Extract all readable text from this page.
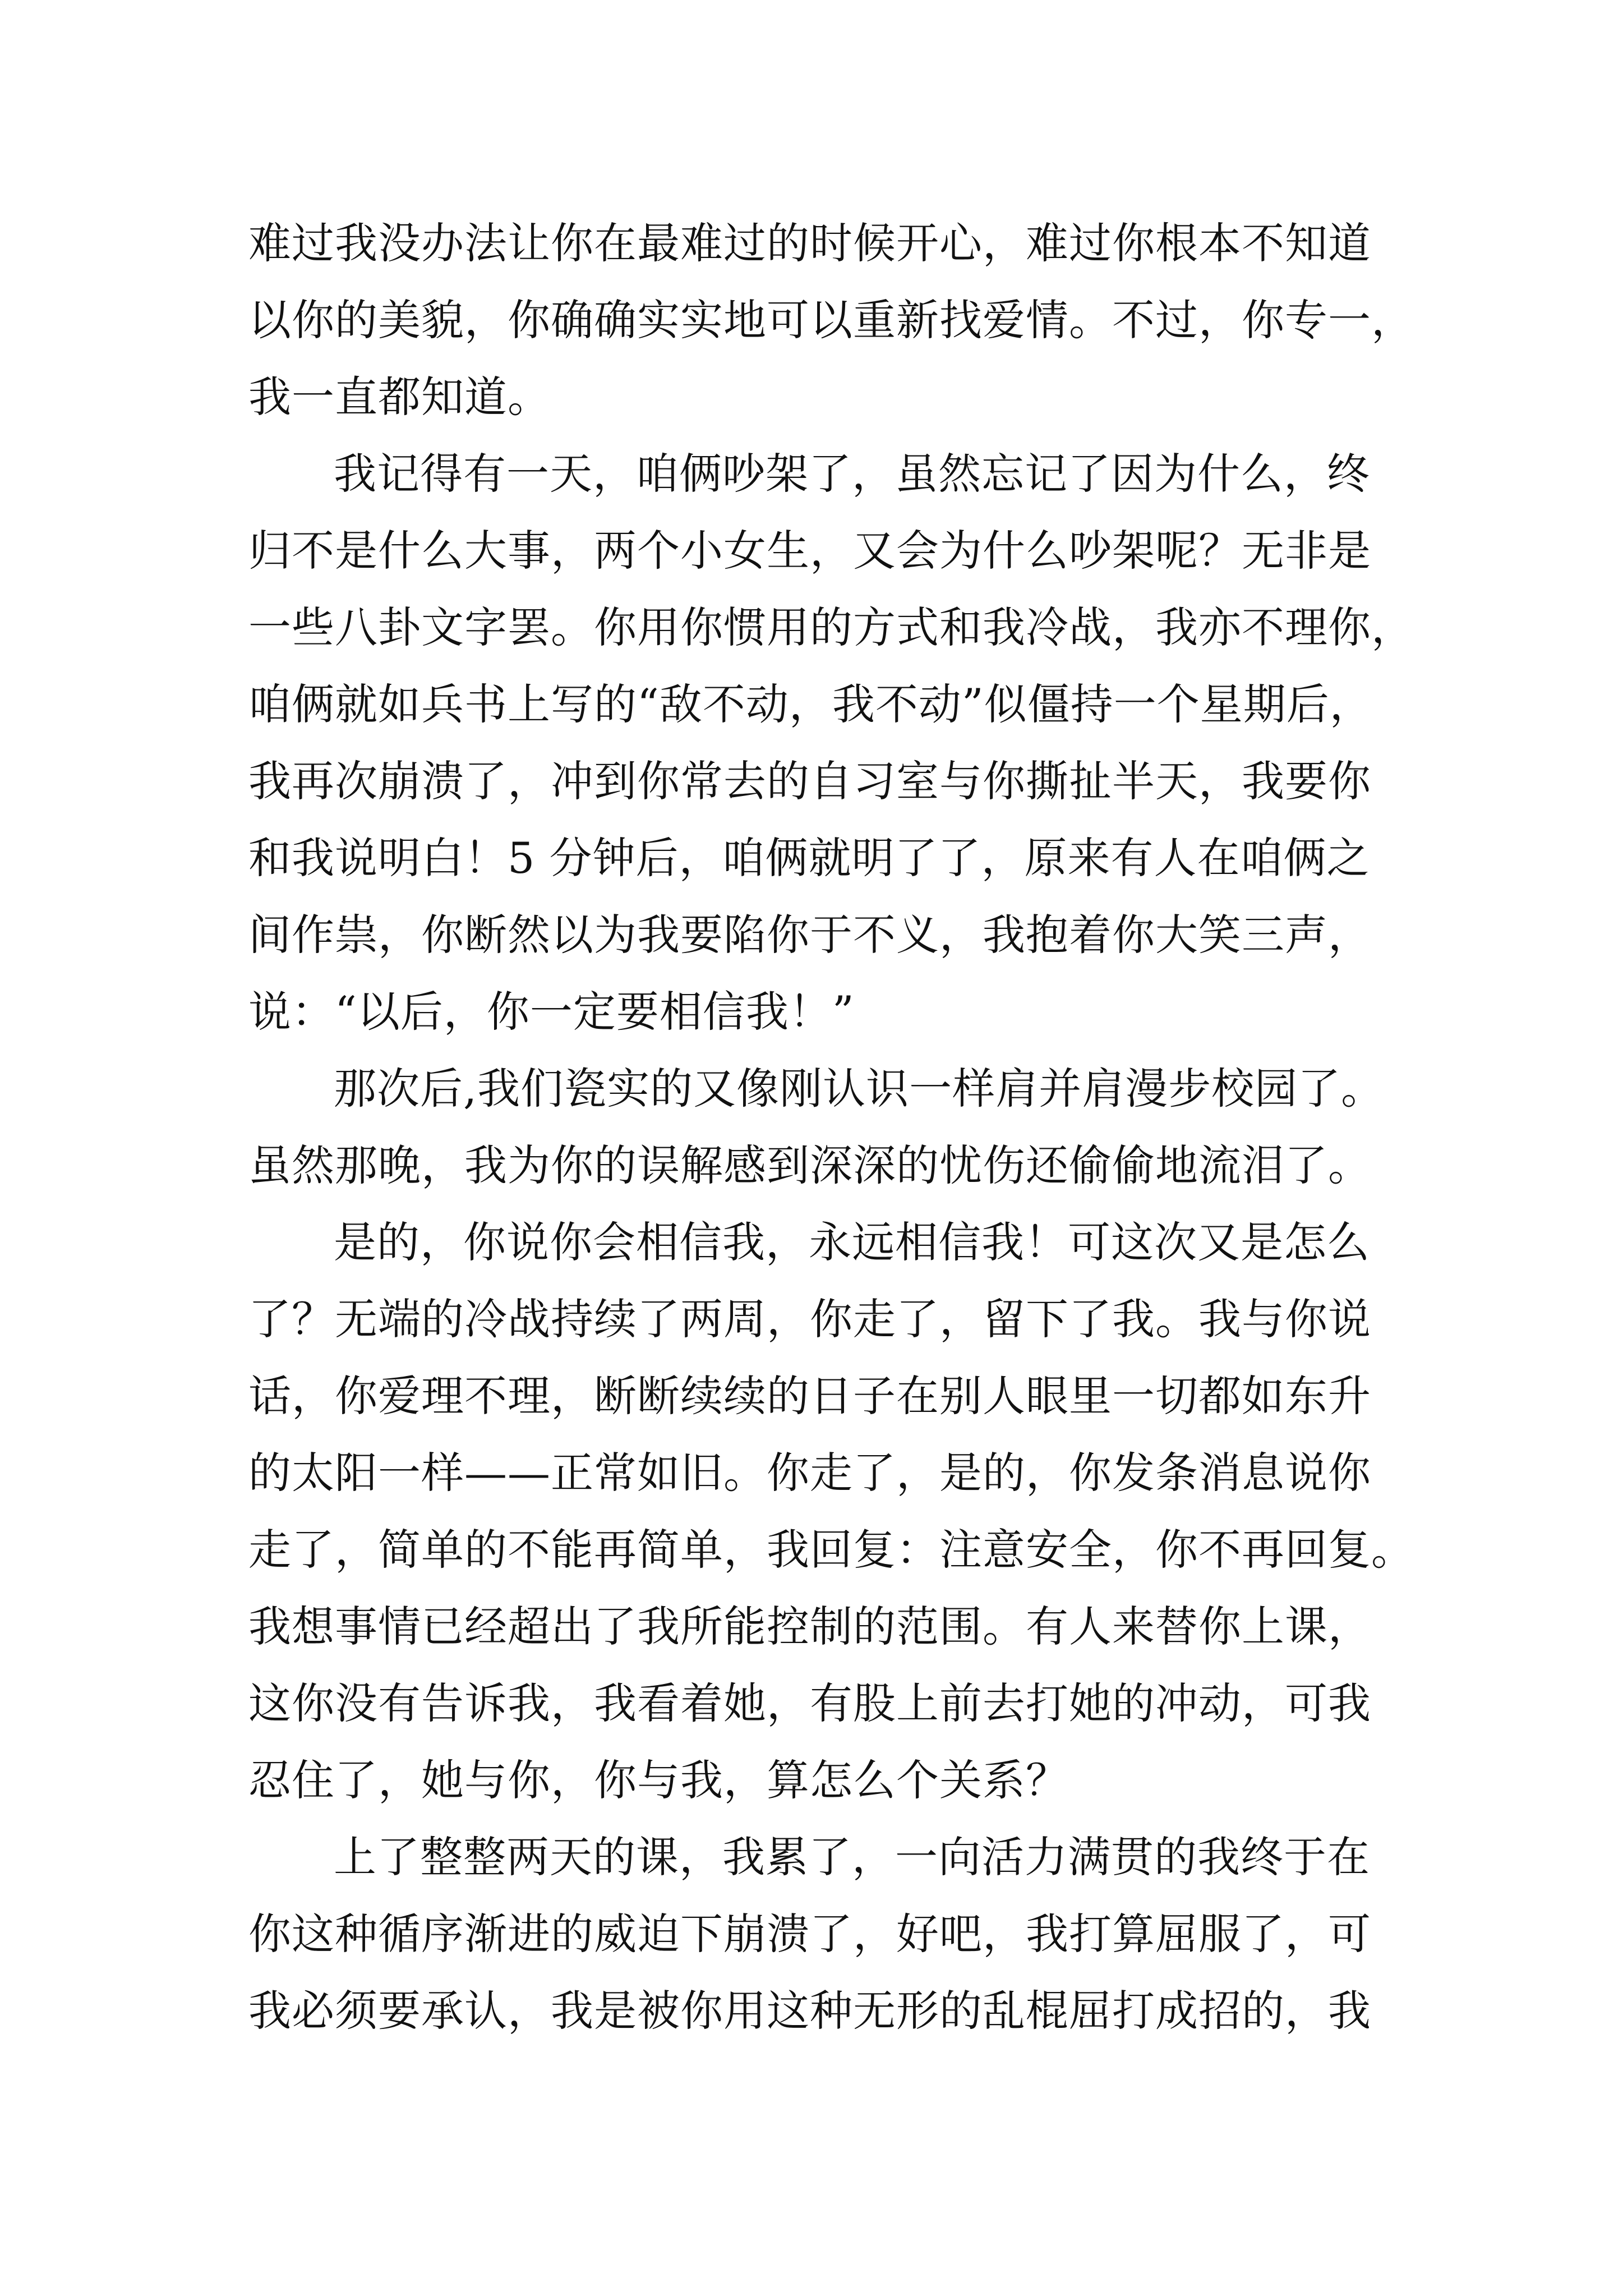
难过我没办法让你在最难过的时候开心，难过你根本不知道
以你的美貌，你确确实实地可以重新找爱情。不过，你专一，
我一直都知道。
我记得有一天，咱俩吵架了，虽然忘记了因为什么，终
归不是什么大事，两个小女生，又会为什么吵架呢？无非是
一些八卦文字罢。你用你惯用的方式和我冷战，我亦不理你，
咱俩就如兵书上写的“敌不动，我不动”似僵持一个星期后，
我再次崩溃了，冲到你常去的自习室与你撕扯半天，我要你
和我说明白！5 分钟后，咱俩就明了了，原来有人在咱俩之
间作祟，你断然以为我要陷你于不义，我抱着你大笑三声，
说：“以后，你一定要相信我！”
那次后,我们瓷实的又像刚认识一样肩并肩漫步校园了。
虽然那晚，我为你的误解感到深深的忧伤还偷偷地流泪了。
是的，你说你会相信我，永远相信我！可这次又是怎么
了？无端的冷战持续了两周，你走了，留下了我。我与你说
话，你爱理不理，断断续续的日子在别人眼里一切都如东升
的太阳一样——正常如旧。你走了，是的，你发条消息说你
走了，简单的不能再简单，我回复：注意安全，你不再回复。
我想事情已经超出了我所能控制的范围。有人来替你上课，
这你没有告诉我，我看着她，有股上前去打她的冲动，可我
忍住了，她与你，你与我，算怎么个关系？
上了整整两天的课，我累了，一向活力满贯的我终于在
你这种循序渐进的威迫下崩溃了，好吧，我打算屈服了，可
我必须要承认，我是被你用这种无形的乱棍屈打成招的，我
